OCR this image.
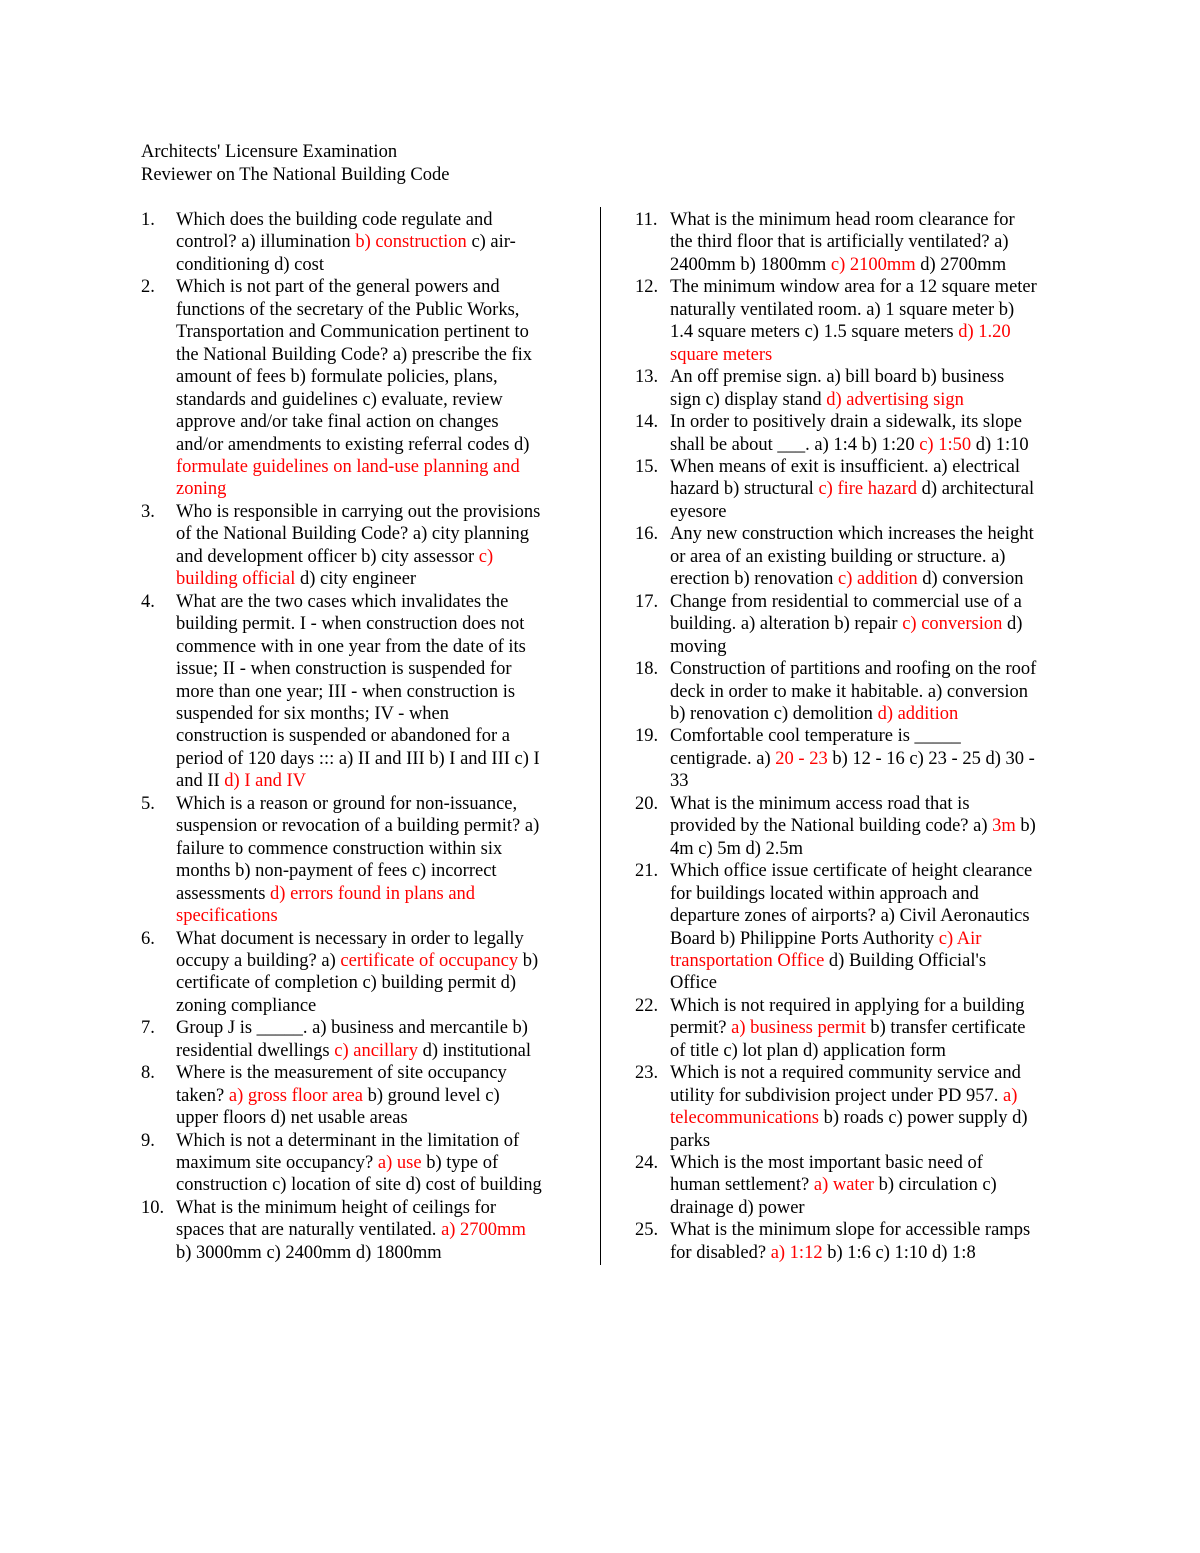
Architects' Licensure Examination
Reviewer on The National Building Code
1.	Which does the building code regulate and
control? a) illumination b) construction c) air-
conditioning d) cost
2.	Which is not part of the general powers and
functions of the secretary of the Public Works,
Transportation and Communication pertinent to
the National Building Code? a) prescribe the fix
amount of fees b) formulate policies, plans,
standards and guidelines c) evaluate, review
approve and/or take final action on changes
and/or amendments to existing referral codes d)
formulate guidelines on land-use planning and
zoning
3.	Who is responsible in carrying out the provisions
of the National Building Code? a) city planning
and development officer b) city assessor c)
building official d) city engineer
4.	What are the two cases which invalidates the
building permit. I - when construction does not
commence with in one year from the date of its
issue; II - when construction is suspended for
more than one year; III - when construction is
suspended for six months; IV - when
construction is suspended or abandoned for a
period of 120 days ::: a) II and III b) I and III c) I
and II d) I and IV
5.	Which is a reason or ground for non-issuance,
suspension or revocation of a building permit? a)
failure to commence construction within six
months b) non-payment of fees c) incorrect
assessments d) errors found in plans and
specifications
6.	What document is necessary in order to legally
occupy a building? a) certificate of occupancy b)
certificate of completion c) building permit d)
zoning compliance
7.	Group J is _____. a) business and mercantile b)
residential dwellings c) ancillary d) institutional
8.	Where is the measurement of site occupancy
taken? a) gross floor area b) ground level c)
upper floors d) net usable areas
9.	Which is not a determinant in the limitation of
maximum site occupancy? a) use b) type of
construction c) location of site d) cost of building
10. What is the minimum height of ceilings for
spaces that are naturally ventilated. a) 2700mm
b) 3000mm c) 2400mm d) 1800mm
11. What is the minimum head room clearance for
the third floor that is artificially ventilated? a)
2400mm b) 1800mm c) 2100mm d) 2700mm
12. The minimum window area for a 12 square meter
naturally ventilated room. a) 1 square meter b)
1.4 square meters c) 1.5 square meters d) 1.20
square meters
13. An off premise sign. a) bill board b) business
sign c) display stand d) advertising sign
14. In order to positively drain a sidewalk, its slope
shall be about ___. a) 1:4 b) 1:20 c) 1:50 d) 1:10
15. When means of exit is insufficient. a) electrical
hazard b) structural c) fire hazard d) architectural
eyesore
16. Any new construction which increases the height
or area of an existing building or structure. a)
erection b) renovation c) addition d) conversion
17. Change from residential to commercial use of a
building. a) alteration b) repair c) conversion d)
moving
18. Construction of partitions and roofing on the roof
deck in order to make it habitable. a) conversion
b) renovation c) demolition d) addition
19. Comfortable cool temperature is _____
centigrade. a) 20 - 23 b) 12 - 16 c) 23 - 25 d) 30 -
33
20. What is the minimum access road that is
provided by the National building code? a) 3m b)
4m c) 5m d) 2.5m
21. Which office issue certificate of height clearance
for buildings located within approach and
departure zones of airports? a) Civil Aeronautics
Board b) Philippine Ports Authority c) Air
transportation Office d) Building Official's
Office
22. Which is not required in applying for a building
permit? a) business permit b) transfer certificate
of title c) lot plan d) application form
23. Which is not a required community service and
utility for subdivision project under PD 957. a)
telecommunications b) roads c) power supply d)
parks
24. Which is the most important basic need of
human settlement? a) water b) circulation c)
drainage d) power
25. What is the minimum slope for accessible ramps
for disabled? a) 1:12 b) 1:6 c) 1:10 d) 1:8
